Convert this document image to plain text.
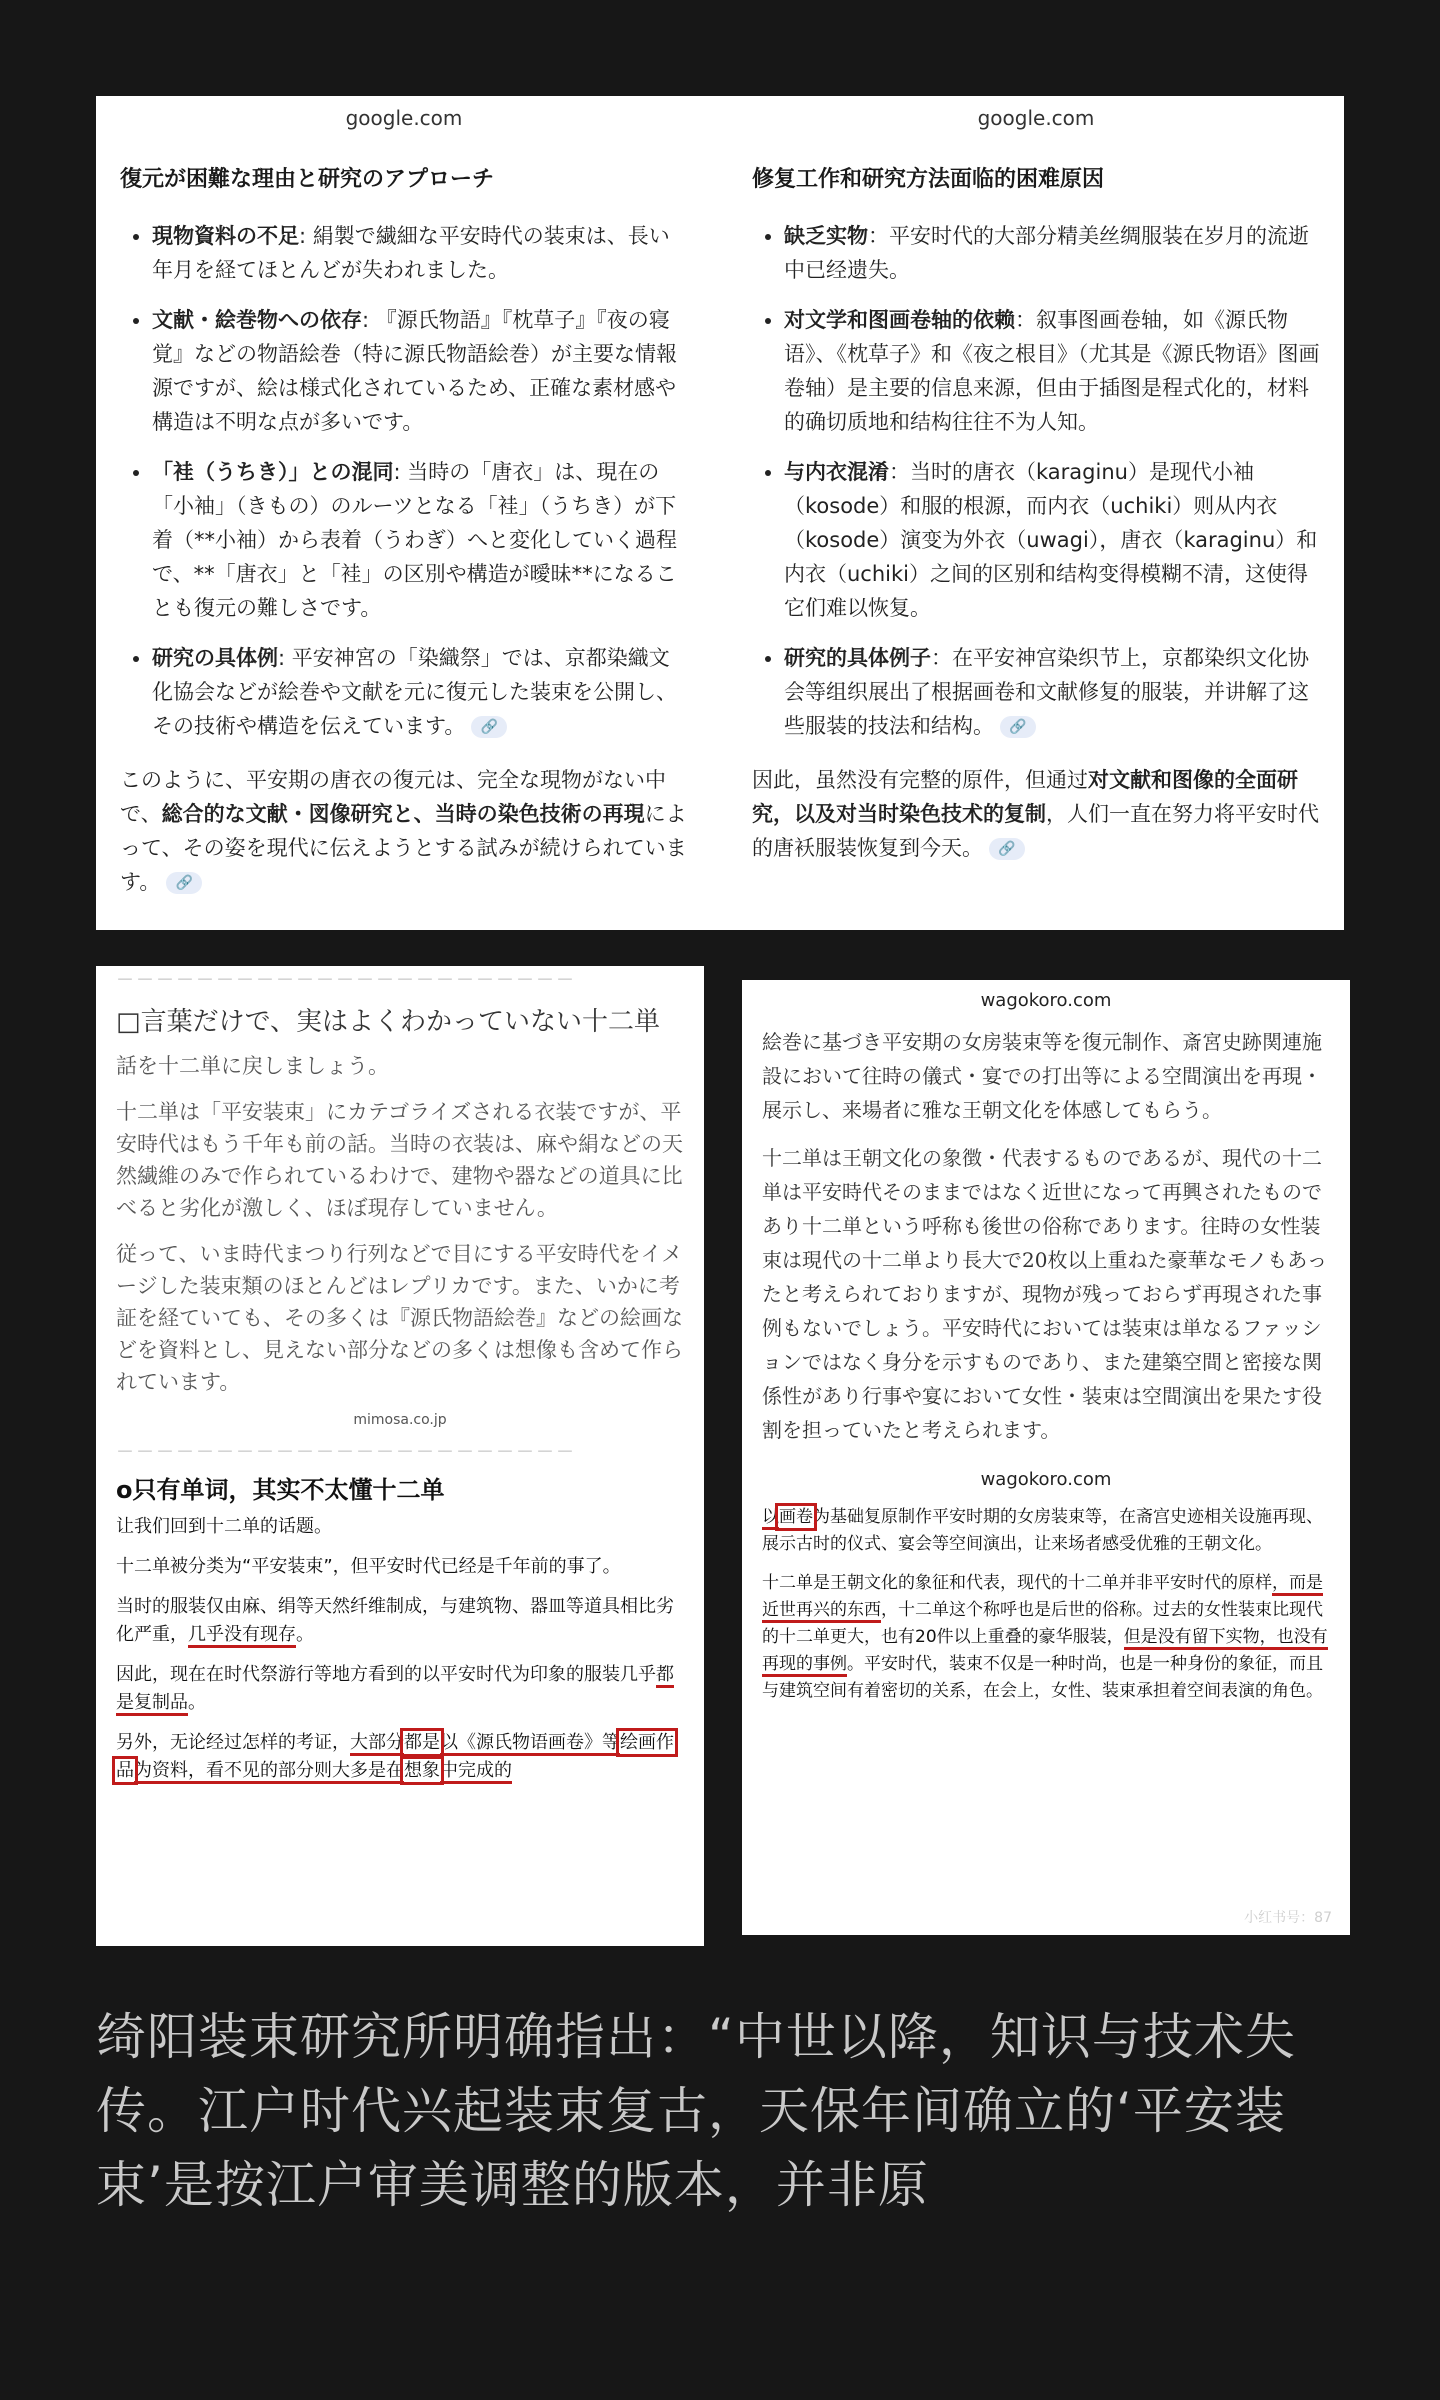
google.com
復元が困難な理由と研究のアプローチ
• 現物資料の不足: 絹製で繊細な平安時代の装束は、長い年月を経てほとんどが失われました。
• 文献・絵巻物への依存: 『源氏物語』『枕草子』『夜の寝覚』などの物語絵巻（特に源氏物語絵巻）が主要な情報源ですが、絵は様式化されているため、正確な素材感や構造は不明な点が多いです。
• 「袿（うちき）」との混同: 当時の「唐衣」は、現在の「小袖」（きもの）のルーツとなる「袿」（うちき）が下着（**小袖）から表着（うわぎ）へと変化していく過程で、**「唐衣」と「袿」の区別や構造が曖昧**になることも復元の難しさです。
• 研究の具体例: 平安神宮の「染織祭」では、京都染織文化協会などが絵巻や文献を元に復元した装束を公開し、その技術や構造を伝えています。 🔗
このように、平安期の唐衣の復元は、完全な現物がない中で、総合的な文献・図像研究と、当時の染色技術の再現によって、その姿を現代に伝えようとする試みが続けられています。 🔗
google.com
修复工作和研究方法面临的困难原因
• 缺乏实物：平安时代的大部分精美丝绸服装在岁月的流逝中已经遗失。
• 对文学和图画卷轴的依赖：叙事图画卷轴，如《源氏物语》、《枕草子》和《夜之根目》（尤其是《源氏物语》图画卷轴）是主要的信息来源，但由于插图是程式化的，材料的确切质地和结构往往不为人知。
• 与内衣混淆：当时的唐衣（karaginu）是现代小袖（kosode）和服的根源，而内衣（uchiki）则从内衣（kosode）演变为外衣（uwagi），唐衣（karaginu）和内衣（uchiki）之间的区别和结构变得模糊不清，这使得它们难以恢复。
• 研究的具体例子：在平安神宫染织节上，京都染织文化协会等组织展出了根据画卷和文献修复的服装，并讲解了这些服装的技法和结构。 🔗
因此，虽然没有完整的原件，但通过对文献和图像的全面研究，以及对当时染色技术的复制，人们一直在努力将平安时代的唐袄服装恢复到今天。 🔗
－－－－－－－－－－－－－－－－－－－－－－－
□言葉だけで、実はよくわかっていない十二単

話を十二単に戻しましょう。

十二単は「平安装束」にカテゴライズされる衣装ですが、平安時代はもう千年も前の話。当時の衣装は、麻や絹などの天然繊維のみで作られているわけで、建物や器などの道具に比べると劣化が激しく、ほぼ現存していません。

従って、いま時代まつり行列などで目にする平安時代をイメージした装束類のほとんどはレプリカです。また、いかに考証を経ていても、その多くは『源氏物語絵巻』などの絵画などを資料とし、見えない部分などの多くは想像も含めて作られています。

mimosa.co.jp
－－－－－－－－－－－－－－－－－－－－－－－
o只有单词，其实不太懂十二单

让我们回到十二单的话题。

十二单被分类为“平安装束”，但平安时代已经是千年前的事了。

当时的服装仅由麻、绢等天然纤维制成，与建筑物、器皿等道具相比劣化严重，几乎没有现存。

因此，现在在时代祭游行等地方看到的以平安时代为印象的服装几乎都是复制品。

另外，无论经过怎样的考证，大部分都是以《源氏物语画卷》等绘画作品为资料，看不见的部分则大多是在想象中完成的

wagokoro.com

絵巻に基づき平安期の女房装束等を復元制作、斎宮史跡関連施設において往時の儀式・宴での打出等による空間演出を再現・展示し、来場者に雅な王朝文化を体感してもらう。

十二単は王朝文化の象徴・代表するものであるが、現代の十二単は平安時代そのままではなく近世になって再興されたものであり十二単という呼称も後世の俗称であります。往時の女性装束は現代の十二単より長大で20枚以上重ねた豪華なモノもあったと考えられておりますが、現物が残っておらず再現された事例もないでしょう。平安時代においては装束は単なるファッションではなく身分を示すものであり、また建築空間と密接な関係性があり行事や宴において女性・装束は空間演出を果たす役割を担っていたと考えられます。

wagokoro.com

以画卷为基础复原制作平安时期的女房装束等，在斋宫史迹相关设施再现、展示古时的仪式、宴会等空间演出，让来场者感受优雅的王朝文化。

十二单是王朝文化的象征和代表，现代的十二单并非平安时代的原样，而是近世再兴的东西，十二单这个称呼也是后世的俗称。过去的女性装束比现代的十二单更大，也有20件以上重叠的豪华服装，但是没有留下实物，也没有再现的事例。平安时代，装束不仅是一种时尚，也是一种身份的象征，而且与建筑空间有着密切的关系，在会上，女性、装束承担着空间表演的角色。

小红书号：87

绮阳装束研究所明确指出：“中世以降，知识与技术失传。江户时代兴起装束复古，天保年间确立的‘平安装束’是按江户审美调整的版本，并非原
